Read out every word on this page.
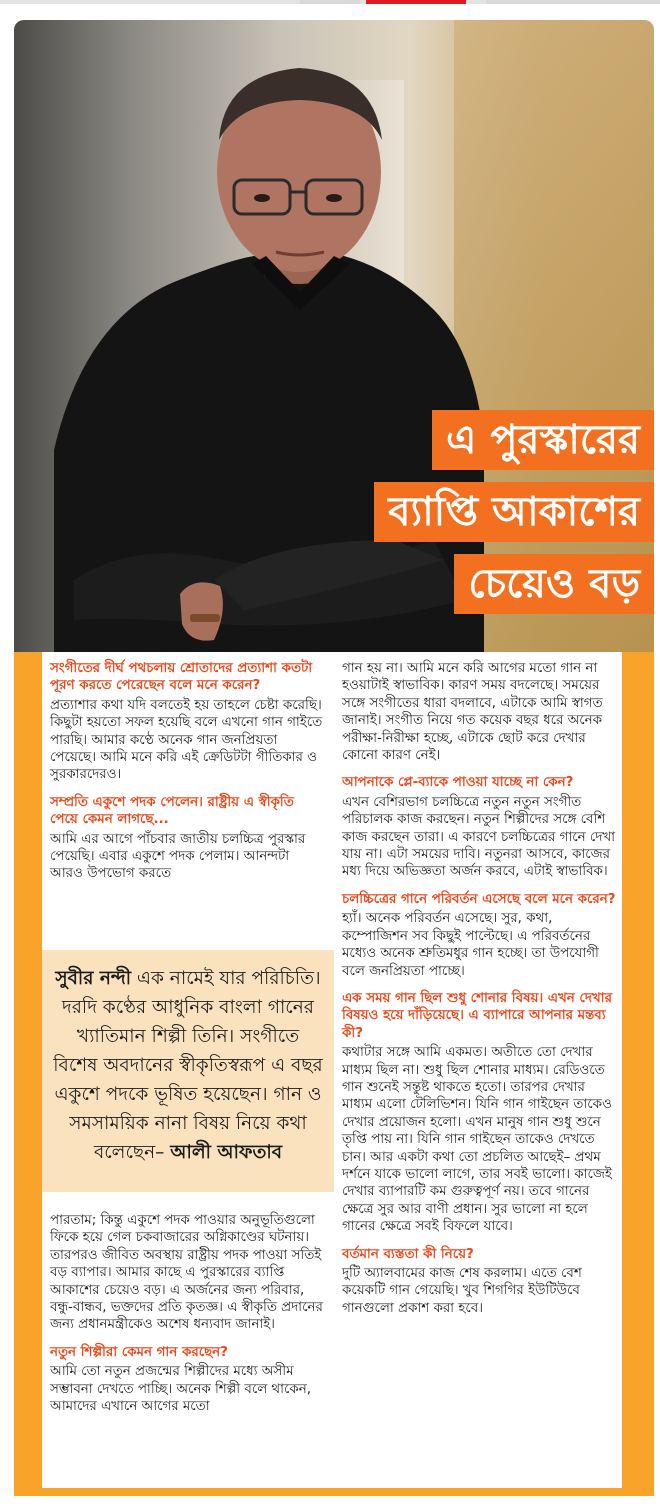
এ পুরস্কারের
ব্যাপ্তি আকাশের
চেয়েও বড়
সংগীতের দীর্ঘ পথচলায় শ্রোতাদের প্রত্যাশা কতটা পূরণ করতে পেরেছেন বলে মনে করেন?
প্রত্যাশার কথা যদি বলতেই হয় তাহলে চেষ্টা করেছি। কিছুটা হয়তো সফল হয়েছি বলে এখনো গান গাইতে পারছি। আমার কণ্ঠে অনেক গান জনপ্রিয়তা পেয়েছে। আমি মনে করি এই ক্রেডিটটা গীতিকার ও সুরকারদেরও।
সম্প্রতি একুশে পদক পেলেন। রাষ্ট্রীয় এ স্বীকৃতি পেয়ে কেমন লাগছে...
আমি এর আগে পাঁচবার জাতীয় চলচ্চিত্র পুরস্কার পেয়েছি। এবার একুশে পদক পেলাম। আনন্দটা আরও উপভোগ করতে
সুবীর নন্দী এক নামেই যার পরিচিতি। দরদি কণ্ঠের আধুনিক বাংলা গানের খ্যাতিমান শিল্পী তিনি। সংগীতে বিশেষ অবদানের স্বীকৃতিস্বরূপ এ বছর একুশে পদকে ভূষিত হয়েছেন। গান ও সমসাময়িক নানা বিষয় নিয়ে কথা বলেছেন– আলী আফতাব
পারতাম; কিন্তু একুশে পদক পাওয়ার অনুভূতিগুলো ফিকে হয়ে গেল চকবাজারের অগ্নিকাণ্ডের ঘটনায়। তারপরও জীবিত অবস্থায় রাষ্ট্রীয় পদক পাওয়া সতিই বড় ব্যাপার। আমার কাছে এ পুরস্কারের ব্যাপ্তি আকাশের চেয়েও বড়। এ অর্জনের জন্য পরিবার, বন্ধু-বান্ধব, ভক্তদের প্রতি কৃতজ্ঞ। এ স্বীকৃতি প্রদানের জন্য প্রধানমন্ত্রীকেও অশেষ ধন্যবাদ জানাই।
নতুন শিল্পীরা কেমন গান করছেন?
আমি তো নতুন প্রজন্মের শিল্পীদের মধ্যে অসীম সম্ভাবনা দেখতে পাচ্ছি। অনেক শিল্পী বলে থাকেন, আমাদের এখানে আগের মতো
গান হয় না। আমি মনে করি আগের মতো গান না হওয়াটাই স্বাভাবিক। কারণ সময় বদলেছে। সময়ের সঙ্গে সংগীতের ধারা বদলাবে, এটাকে আমি স্বাগত জানাই। সংগীত নিয়ে গত কয়েক বছর ধরে অনেক পরীক্ষা-নিরীক্ষা হচ্ছে, এটাকে ছোট করে দেখার কোনো কারণ নেই।
আপনাকে প্লে-ব্যাকে পাওয়া যাচ্ছে না কেন?
এখন বেশিরভাগ চলচ্চিত্রে নতুন নতুন সংগীত পরিচালক কাজ করছেন। নতুন শিল্পীদের সঙ্গে বেশি কাজ করছেন তারা। এ কারণে চলচ্চিত্রের গানে দেখা যায় না। এটা সময়ের দাবি। নতুনরা আসবে, কাজের মধ্য দিয়ে অভিজ্ঞতা অর্জন করবে, এটাই স্বাভাবিক।
চলচ্চিত্রের গানে পরিবর্তন এসেছে বলে মনে করেন?
হ্যাঁ। অনেক পরিবর্তন এসেছে। সুর, কথা, কম্পোজিশন সব কিছুই পাল্টেছে। এ পরিবর্তনের মধ্যেও অনেক শ্রুতিমধুর গান হচ্ছে। তা উপযোগী বলে জনপ্রিয়তা পাচ্ছে।
এক সময় গান ছিল শুধু শোনার বিষয়। এখন দেখার বিষয়ও হয়ে দাঁড়িয়েছে। এ ব্যাপারে আপনার মন্তব্য কী?
কথাটার সঙ্গে আমি একমত। অতীতে তো দেখার মাধ্যম ছিল না। শুধু ছিল শোনার মাধ্যম। রেডিওতে গান শুনেই সন্তুষ্ট থাকতে হতো। তারপর দেখার মাধ্যম এলো টেলিভিশন। যিনি গান গাইছেন তাকেও দেখার প্রয়োজন হলো। এখন মানুষ গান শুধু শুনে তৃপ্তি পায় না। যিনি গান গাইছেন তাকেও দেখতে চান। আর একটা কথা তো প্রচলিত আছেই– প্রথম দর্শনে যাকে ভালো লাগে, তার সবই ভালো। কাজেই দেখার ব্যাপারটি কম গুরুত্বপূর্ণ নয়। তবে গানের ক্ষেত্রে সুর আর বাণী প্রধান। সুর ভালো না হলে গানের ক্ষেত্রে সবই বিফলে যাবে।
বর্তমান ব্যস্ততা কী নিয়ে?
দুটি অ্যালবামের কাজ শেষ করলাম। এতে বেশ কয়েকটি গান গেয়েছি। খুব শিগগির ইউটিউবে গানগুলো প্রকাশ করা হবে।
